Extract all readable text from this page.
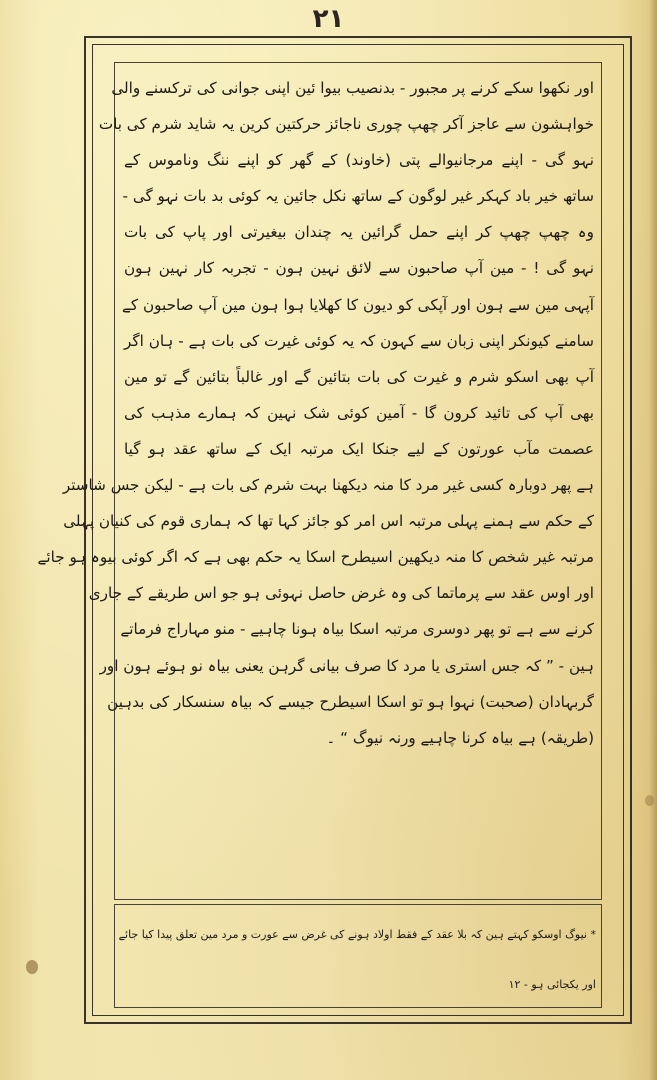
۲۱
اور نکھوا سکے کرنے پر مجبور - بدنصیب بیوا ئین اپنی جوانی کی ترکسنے والی
خواہشون سے عاجز آکر چھپ چوری ناجائز حرکتین کرین یہ شاید شرم کی بات
نہو گی - اپنے مرجانیوالے پتی (خاوند) کے گھر کو اپنے ننگ وناموس کے
ساتھ خیر باد کہکر غیر لوگون کے ساتھ نکل جائین یہ کوئی بد بات نہو گی -
وہ چھپ چھپ کر اپنے حمل گرائین یہ چندان بیغیرتی اور پاپ کی بات
نہو گی ! - مین آپ صاحبون سے لائق نہین ہون - تجربہ کار نہین ہون
آپہی مین سے ہون اور آپکی کو دیون کا کھلایا ہوا ہون مین آپ صاحبون کے
سامنے کیونکر اپنی زبان سے کہون کہ یہ کوئی غیرت کی بات ہے - ہان اگر
آپ بھی اسکو شرم و غیرت کی بات بتائین گے اور غالباً بتائین گے تو مین
بھی آپ کی تائید کرون گا - آمین کوئی شک نہین کہ ہمارے مذہب کی
عصمت مآب عورتون کے لیے جنکا ایک مرتبہ ایک کے ساتھ عقد ہو گیا
ہے پھر دوبارہ کسی غیر مرد کا منہ دیکھنا بہت شرم کی بات ہے - لیکن جس شاستر
کے حکم سے ہمنے پہلی مرتبہ اس امر کو جائز کہا تھا کہ ہماری قوم کی کنیان پہلی
مرتبہ غیر شخص کا منہ دیکھین اسیطرح اسکا یہ حکم بھی ہے کہ اگر کوئی بیوہ ہو جائے
اور اوس عقد سے پرماتما کی وہ غرض حاصل نہوئی ہو جو اس طریقے کے جاری
کرنے سے ہے تو پھر دوسری مرتبہ اسکا بیاہ ہونا چاہیے - منو مہاراج فرماتے
ہین - ” کہ جس استری یا مرد کا صرف بیانی گرہن یعنی بیاہ نو ہوئے ہون اور
گربہادان (صحبت) نہوا ہو تو اسکا اسیطرح جیسے کہ بیاہ سنسکار کی بدہین
(طریقہ) ہے بیاہ کرنا چاہیے ورنہ نیوگ “ ۔
* نیوگ اوسکو کہتے ہین کہ بلا عقد کے فقط اولاد ہونے کی غرض سے عورت و مرد مین تعلق پیدا کیا جائے
اور یکجائی ہو - ۱۲
